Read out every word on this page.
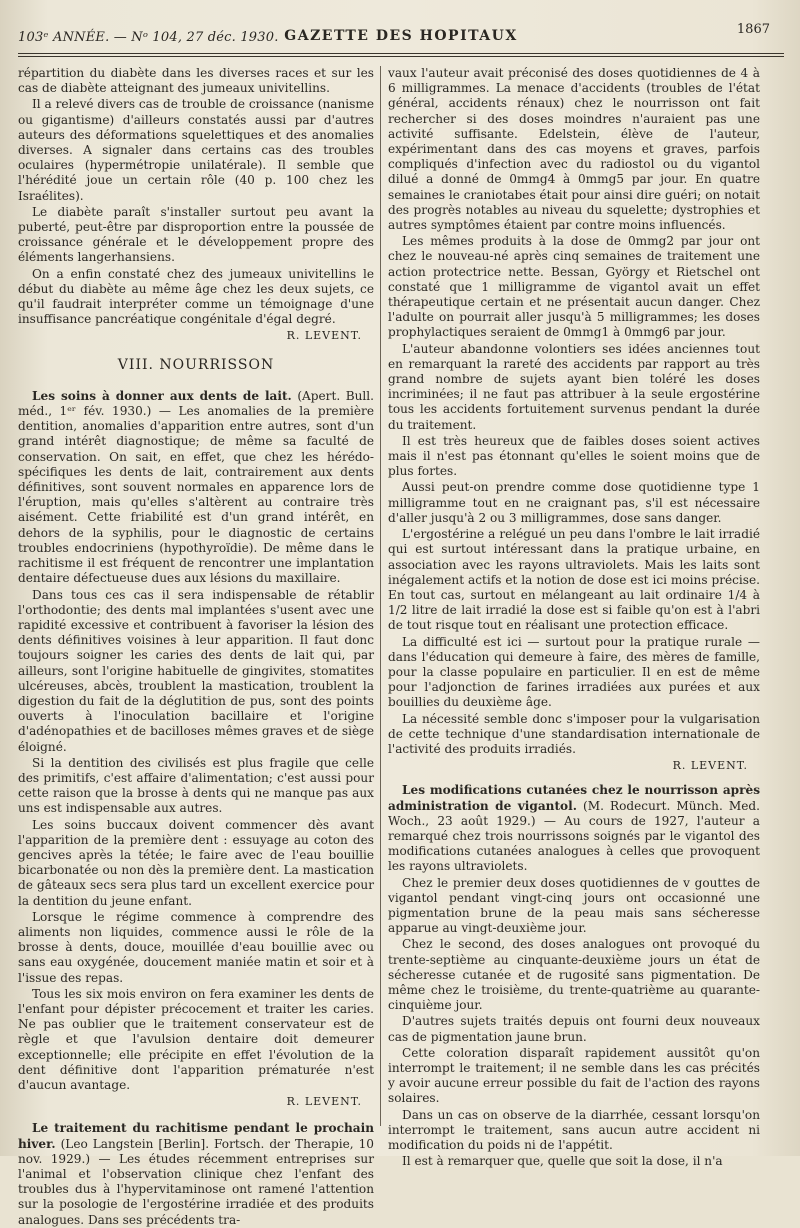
103ᵉ ANNÉE. — Nᵒ 104, 27 déc. 1930. GAZETTE DES HOPITAUX	1867

répartition du diabète dans les diverses races et sur les cas de diabète atteignant des jumeaux univitellins.

Il a relevé divers cas de trouble de croissance (nanisme ou gigantisme) d'ailleurs constatés aussi par d'autres auteurs des déformations squelettiques et des anomalies diverses. A signaler dans certains cas des troubles oculaires (hypermétropie unilatérale). Il semble que l'hérédité joue un certain rôle (40 p. 100 chez les Israélites).

Le diabète paraît s'installer surtout peu avant la puberté, peut-être par disproportion entre la poussée de croissance générale et le développement propre des éléments langerhansiens.

On a enfin constaté chez des jumeaux univitellins le début du diabète au même âge chez les deux sujets, ce qu'il faudrait interpréter comme un témoignage d'une insuffisance pancréatique congénitale d'égal degré.

R. LEVENT.

VIII. NOURRISSON

Les soins à donner aux dents de lait. (Apert. Bull. méd., 1ᵉʳ fév. 1930.) — Les anomalies de la première dentition, anomalies d'apparition entre autres, sont d'un grand intérêt diagnostique; de même sa faculté de conservation. On sait, en effet, que chez les hérédo-spécifiques les dents de lait, contrairement aux dents définitives, sont souvent normales en apparence lors de l'éruption, mais qu'elles s'altèrent au contraire très aisément. Cette friabilité est d'un grand intérêt, en dehors de la syphilis, pour le diagnostic de certains troubles endocriniens (hypothyroïdie). De même dans le rachitisme il est fréquent de rencontrer une implantation dentaire défectueuse dues aux lésions du maxillaire.

Dans tous ces cas il sera indispensable de rétablir l'orthodontie; des dents mal implantées s'usent avec une rapidité excessive et contribuent à favoriser la lésion des dents définitives voisines à leur apparition. Il faut donc toujours soigner les caries des dents de lait qui, par ailleurs, sont l'origine habituelle de gingivites, stomatites ulcéreuses, abcès, troublent la mastication, troublent la digestion du fait de la déglutition de pus, sont des points ouverts à l'inoculation bacillaire et l'origine d'adénopathies et de bacilloses mêmes graves et de siège éloigné.

Si la dentition des civilisés est plus fragile que celle des primitifs, c'est affaire d'alimentation; c'est aussi pour cette raison que la brosse à dents qui ne manque pas aux uns est indispensable aux autres.

Les soins buccaux doivent commencer dès avant l'apparition de la première dent : essuyage au coton des gencives après la tétée; le faire avec de l'eau bouillie bicarbonatée ou non dès la première dent. La mastication de gâteaux secs sera plus tard un excellent exercice pour la dentition du jeune enfant.

Lorsque le régime commence à comprendre des aliments non liquides, commence aussi le rôle de la brosse à dents, douce, mouillée d'eau bouillie avec ou sans eau oxygénée, doucement maniée matin et soir et à l'issue des repas.

Tous les six mois environ on fera examiner les dents de l'enfant pour dépister précocement et traiter les caries. Ne pas oublier que le traitement conservateur est de règle et que l'avulsion dentaire doit demeurer exceptionnelle; elle précipite en effet l'évolution de la dent définitive dont l'apparition prématurée n'est d'aucun avantage.

R. LEVENT.

Le traitement du rachitisme pendant le prochain hiver. (Leo Langstein [Berlin]. Fortsch. der Therapie, 10 nov. 1929.) — Les études récemment entreprises sur l'animal et l'observation clinique chez l'enfant des troubles dus à l'hypervitaminose ont ramené l'attention sur la posologie de l'ergostérine irradiée et des produits analogues. Dans ses précédents tra-

vaux l'auteur avait préconisé des doses quotidiennes de 4 à 6 milligrammes. La menace d'accidents (troubles de l'état général, accidents rénaux) chez le nourrisson ont fait rechercher si des doses moindres n'auraient pas une activité suffisante. Edelstein, élève de l'auteur, expérimentant dans des cas moyens et graves, parfois compliqués d'infection avec du radiostol ou du vigantol dilué a donné de 0mmg4 à 0mmg5 par jour. En quatre semaines le craniotabes était pour ainsi dire guéri; on notait des progrès notables au niveau du squelette; dystrophies et autres symptômes étaient par contre moins influencés.

Les mêmes produits à la dose de 0mmg2 par jour ont chez le nouveau-né après cinq semaines de traitement une action protectrice nette. Bessan, György et Rietschel ont constaté que 1 milligramme de vigantol avait un effet thérapeutique certain et ne présentait aucun danger. Chez l'adulte on pourrait aller jusqu'à 5 milligrammes; les doses prophylactiques seraient de 0mmg1 à 0mmg6 par jour.

L'auteur abandonne volontiers ses idées anciennes tout en remarquant la rareté des accidents par rapport au très grand nombre de sujets ayant bien toléré les doses incriminées; il ne faut pas attribuer à la seule ergostérine tous les accidents fortuitement survenus pendant la durée du traitement.

Il est très heureux que de faibles doses soient actives mais il n'est pas étonnant qu'elles le soient moins que de plus fortes.

Aussi peut-on prendre comme dose quotidienne type 1 milligramme tout en ne craignant pas, s'il est nécessaire d'aller jusqu'à 2 ou 3 milligrammes, dose sans danger.

L'ergostérine a relégué un peu dans l'ombre le lait irradié qui est surtout intéressant dans la pratique urbaine, en association avec les rayons ultraviolets. Mais les laits sont inégalement actifs et la notion de dose est ici moins précise. En tout cas, surtout en mélangeant au lait ordinaire 1/4 à 1/2 litre de lait irradié la dose est si faible qu'on est à l'abri de tout risque tout en réalisant une protection efficace.

La difficulté est ici — surtout pour la pratique rurale — dans l'éducation qui demeure à faire, des mères de famille, pour la classe populaire en particulier. Il en est de même pour l'adjonction de farines irradiées aux purées et aux bouillies du deuxième âge.

La nécessité semble donc s'imposer pour la vulgarisation de cette technique d'une standardisation internationale de l'activité des produits irradiés.

R. LEVENT.

Les modifications cutanées chez le nourrisson après administration de vigantol. (M. Rodecurt. Münch. Med. Woch., 23 août 1929.) — Au cours de 1927, l'auteur a remarqué chez trois nourrissons soignés par le vigantol des modifications cutanées analogues à celles que provoquent les rayons ultraviolets.

Chez le premier deux doses quotidiennes de v gouttes de vigantol pendant vingt-cinq jours ont occasionné une pigmentation brune de la peau mais sans sécheresse apparue au vingt-deuxième jour.

Chez le second, des doses analogues ont provoqué du trente-septième au cinquante-deuxième jours un état de sécheresse cutanée et de rugosité sans pigmentation. De même chez le troisième, du trente-quatrième au quarante-cinquième jour.

D'autres sujets traités depuis ont fourni deux nouveaux cas de pigmentation jaune brun.

Cette coloration disparaît rapidement aussitôt qu'on interrompt le traitement; il ne semble dans les cas précités y avoir aucune erreur possible du fait de l'action des rayons solaires.

Dans un cas on observe de la diarrhée, cessant lorsqu'on interrompt le traitement, sans aucun autre accident ni modification du poids ni de l'appétit.

Il est à remarquer que, quelle que soit la dose, il n'a
